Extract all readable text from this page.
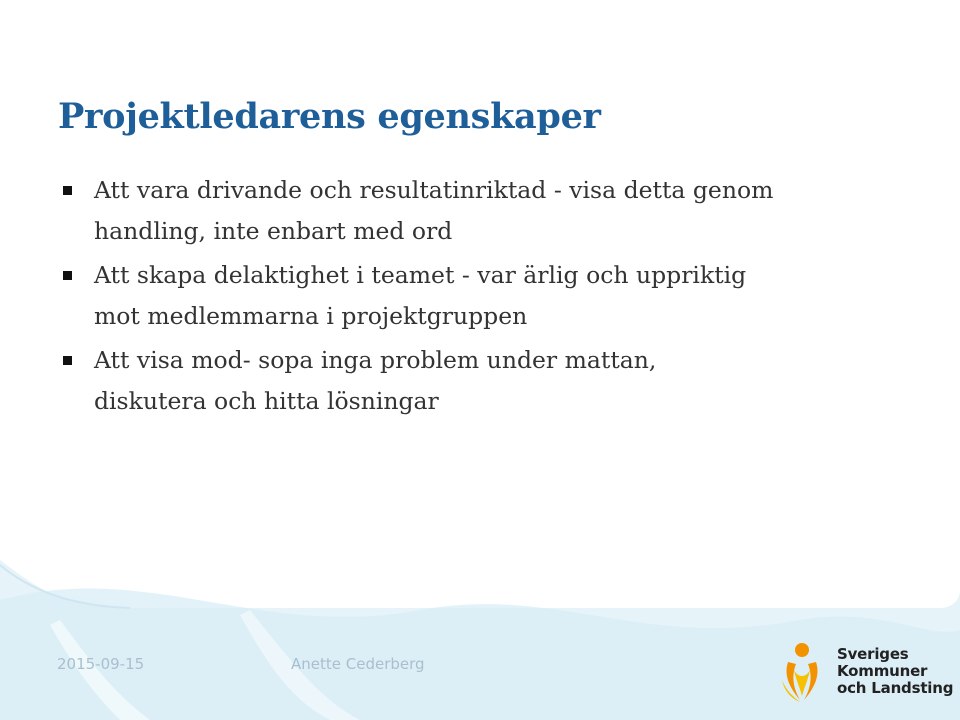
Projektledarens egenskaper
Att vara drivande och resultatinriktad - visa detta genom
handling, inte enbart med ord
Att skapa delaktighet i teamet - var ärlig och uppriktig
mot medlemmarna i projektgruppen
Att visa mod- sopa inga problem under mattan,
diskutera och hitta lösningar
2015-09-15	Anette Cederberg
Sveriges
Kommuner
och Landsting
